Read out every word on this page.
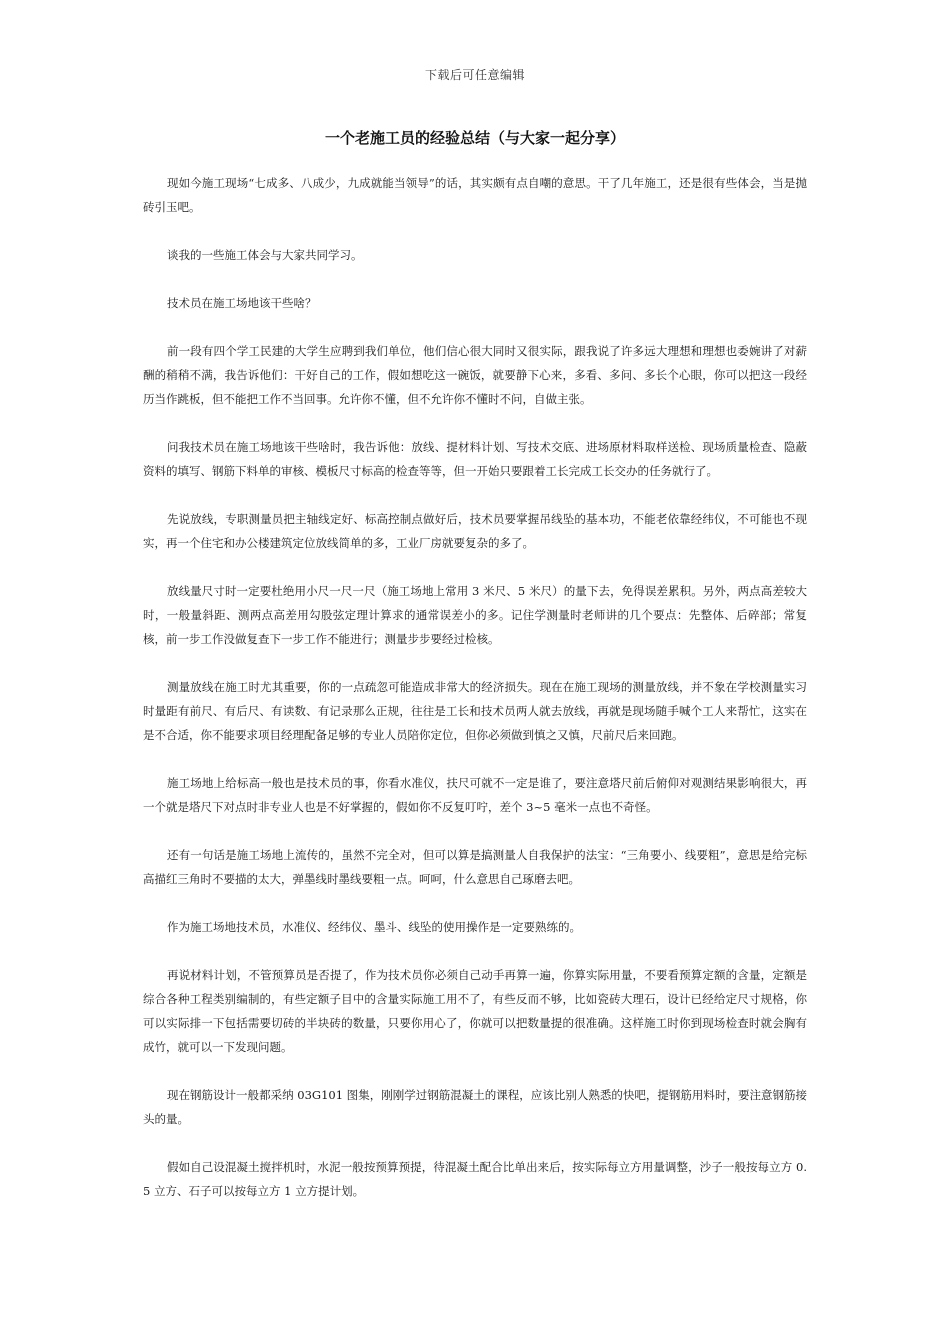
下载后可任意编辑
一个老施工员的经验总结（与大家一起分享）

现如今施工现场“七成多、八成少，九成就能当领导”的话，其实颇有点自嘲的意思。干了几年施工，还是很有些体会，当是抛砖引玉吧。

谈我的一些施工体会与大家共同学习。

技术员在施工场地该干些啥？

前一段有四个学工民建的大学生应聘到我们单位，他们信心很大同时又很实际，跟我说了许多远大理想和理想也委婉讲了对薪酬的稍稍不满，我告诉他们：干好自己的工作，假如想吃这一碗饭，就要静下心来，多看、多问、多长个心眼，你可以把这一段经历当作跳板，但不能把工作不当回事。允许你不懂，但不允许你不懂时不问，自做主张。

问我技术员在施工场地该干些啥时，我告诉他：放线、提材料计划、写技术交底、进场原材料取样送检、现场质量检查、隐蔽资料的填写、钢筋下料单的审核、模板尺寸标高的检查等等，但一开始只要跟着工长完成工长交办的任务就行了。

先说放线，专职测量员把主轴线定好、标高控制点做好后，技术员要掌握吊线坠的基本功，不能老依靠经纬仪，不可能也不现实，再一个住宅和办公楼建筑定位放线简单的多，工业厂房就要复杂的多了。

放线量尺寸时一定要杜绝用小尺一尺一尺（施工场地上常用 3 米尺、5 米尺）的量下去，免得误差累积。另外，两点高差较大时，一般量斜距、测两点高差用勾股弦定理计算求的通常误差小的多。记住学测量时老师讲的几个要点：先整体、后碎部；常复核，前一步工作没做复查下一步工作不能进行；测量步步要经过检核。

测量放线在施工时尤其重要，你的一点疏忽可能造成非常大的经济损失。现在在施工现场的测量放线，并不象在学校测量实习时量距有前尺、有后尺、有读数、有记录那么正规，往往是工长和技术员两人就去放线，再就是现场随手喊个工人来帮忙，这实在是不合适，你不能要求项目经理配备足够的专业人员陪你定位，但你必须做到慎之又慎，尺前尺后来回跑。

施工场地上给标高一般也是技术员的事，你看水准仪，扶尺可就不一定是谁了，要注意塔尺前后俯仰对观测结果影响很大，再一个就是塔尺下对点时非专业人也是不好掌握的，假如你不反复叮咛，差个 3~5 毫米一点也不奇怪。

还有一句话是施工场地上流传的，虽然不完全对，但可以算是搞测量人自我保护的法宝：“三角要小、线要粗”，意思是给完标高描红三角时不要描的太大，弹墨线时墨线要粗一点。呵呵，什么意思自己琢磨去吧。

作为施工场地技术员，水准仪、经纬仪、墨斗、线坠的使用操作是一定要熟练的。

再说材料计划，不管预算员是否提了，作为技术员你必须自己动手再算一遍，你算实际用量，不要看预算定额的含量，定额是综合各种工程类别编制的，有些定额子目中的含量实际施工用不了，有些反而不够，比如瓷砖大理石，设计已经给定尺寸规格，你可以实际排一下包括需要切砖的半块砖的数量，只要你用心了，你就可以把数量提的很准确。这样施工时你到现场检查时就会胸有成竹，就可以一下发现问题。

现在钢筋设计一般都采纳 03G101 图集，刚刚学过钢筋混凝土的课程，应该比别人熟悉的快吧，提钢筋用料时，要注意钢筋接头的量。

假如自己设混凝土搅拌机时，水泥一般按预算预提，待混凝土配合比单出来后，按实际每立方用量调整，沙子一般按每立方 0.5 立方、石子可以按每立方 1 立方提计划。
